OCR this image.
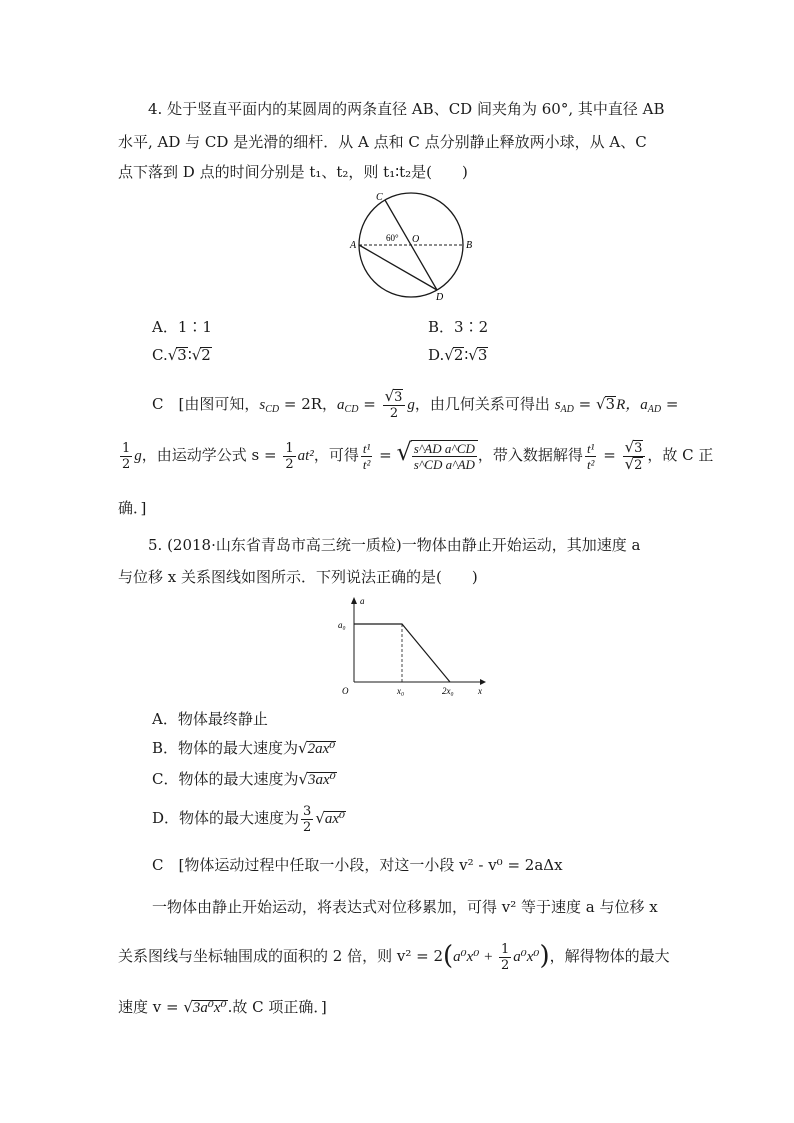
4. 处于竖直平面内的某圆周的两条直径 AB、CD 间夹角为 60°, 其中直径 AB
水平, AD 与 CD 是光滑的细杆．从 A 点和 C 点分别静止释放两小球，从 A、C
点下落到 D 点的时间分别是 t₁、t₂，则 t₁∶t₂是(　　)
C
A
O
B
D
60°
A．1∶1	B．3∶2
C.√3∶√2	D.√2∶√3
C　[由图可知，$s_{CD} = 2R$，$a_{CD} = \frac{√3}{2}$ g，由几何关系可得出 $s_{AD} = √3R$，$a_{AD}$ =
$\frac{1}{2}$ g，由运动学公式 $s = \frac{1}{2} at^2$，可得 $\frac{\text{t¹}}{\text{t²}}$ = √ $\frac{\text{s\textasciicircum{}AD a\textasciicircum{}CD}}{\text{s\textasciicircum{}CD a\textasciicircum{}AD}}$ ，带入数据解得 $\frac{\text{t¹}}{\text{t²}} = \frac{√3}{√2}$ ，故 C 正
确．]
5. (2018·山东省青岛市高三统一质检)一物体由静止开始运动，其加速度 a
与位移 x 关系图线如图所示．下列说法正确的是(　　)
a₀
x₀	2x₀
O
a
x
A．物体最终静止
B．物体的最大速度为√2ax⁰
C．物体的最大速度为√3ax⁰
D．物体的最大速度为 $\frac{3}{2} √ax^0$
C　[物体运动过程中任取一小段，对这一小段 v² - v⁰ = 2aΔx
一物体由静止开始运动，将表达式对位移累加，可得 v² 等于速度 a 与位移 x
关系图线与坐标轴围成的面积的 2 倍，则 $v^2 = 2(a^0x^0 + \frac{1}{2} a^0x^0)$，解得物体的最大
速度 v = √3a⁰x⁰.故 C 项正确．]
